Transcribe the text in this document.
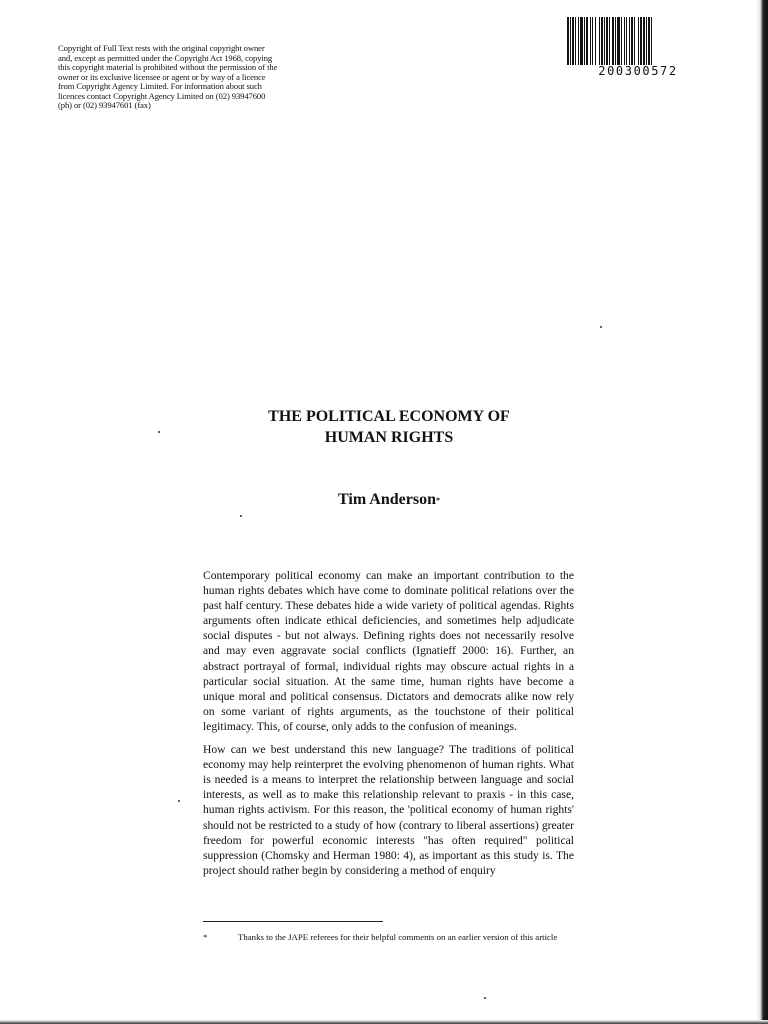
Copyright of Full Text rests with the original copyright owner and, except as permitted under the Copyright Act 1968, copying this copyright material is prohibited without the permission of the owner or its exclusive licensee or agent or by way of a licence from Copyright Agency Limited. For information about such licences contact Copyright Agency Limited on (02) 93947600 (ph) or (02) 93947601 (fax)
200300572
THE POLITICAL ECONOMY OF
HUMAN RIGHTS
Tim Anderson*

Contemporary political economy can make an important contribution to the human rights debates which have come to dominate political relations over the past half century. These debates hide a wide variety of political agendas. Rights arguments often indicate ethical deficiencies, and sometimes help adjudicate social disputes - but not always. Defining rights does not necessarily resolve and may even aggravate social conflicts (Ignatieff 2000: 16). Further, an abstract portrayal of formal, individual rights may obscure actual rights in a particular social situation. At the same time, human rights have become a unique moral and political consensus. Dictators and democrats alike now rely on some variant of rights arguments, as the touchstone of their political legitimacy. This, of course, only adds to the confusion of meanings.

How can we best understand this new language? The traditions of political economy may help reinterpret the evolving phenomenon of human rights. What is needed is a means to interpret the relationship between language and social interests, as well as to make this relationship relevant to praxis - in this case, human rights activism. For this reason, the 'political economy of human rights' should not be restricted to a study of how (contrary to liberal assertions) greater freedom for powerful economic interests "has often required" political suppression (Chomsky and Herman 1980: 4), as important as this study is. The project should rather begin by considering a method of enquiry

*	Thanks to the JAPE referees for their helpful comments on an earlier version of this article
